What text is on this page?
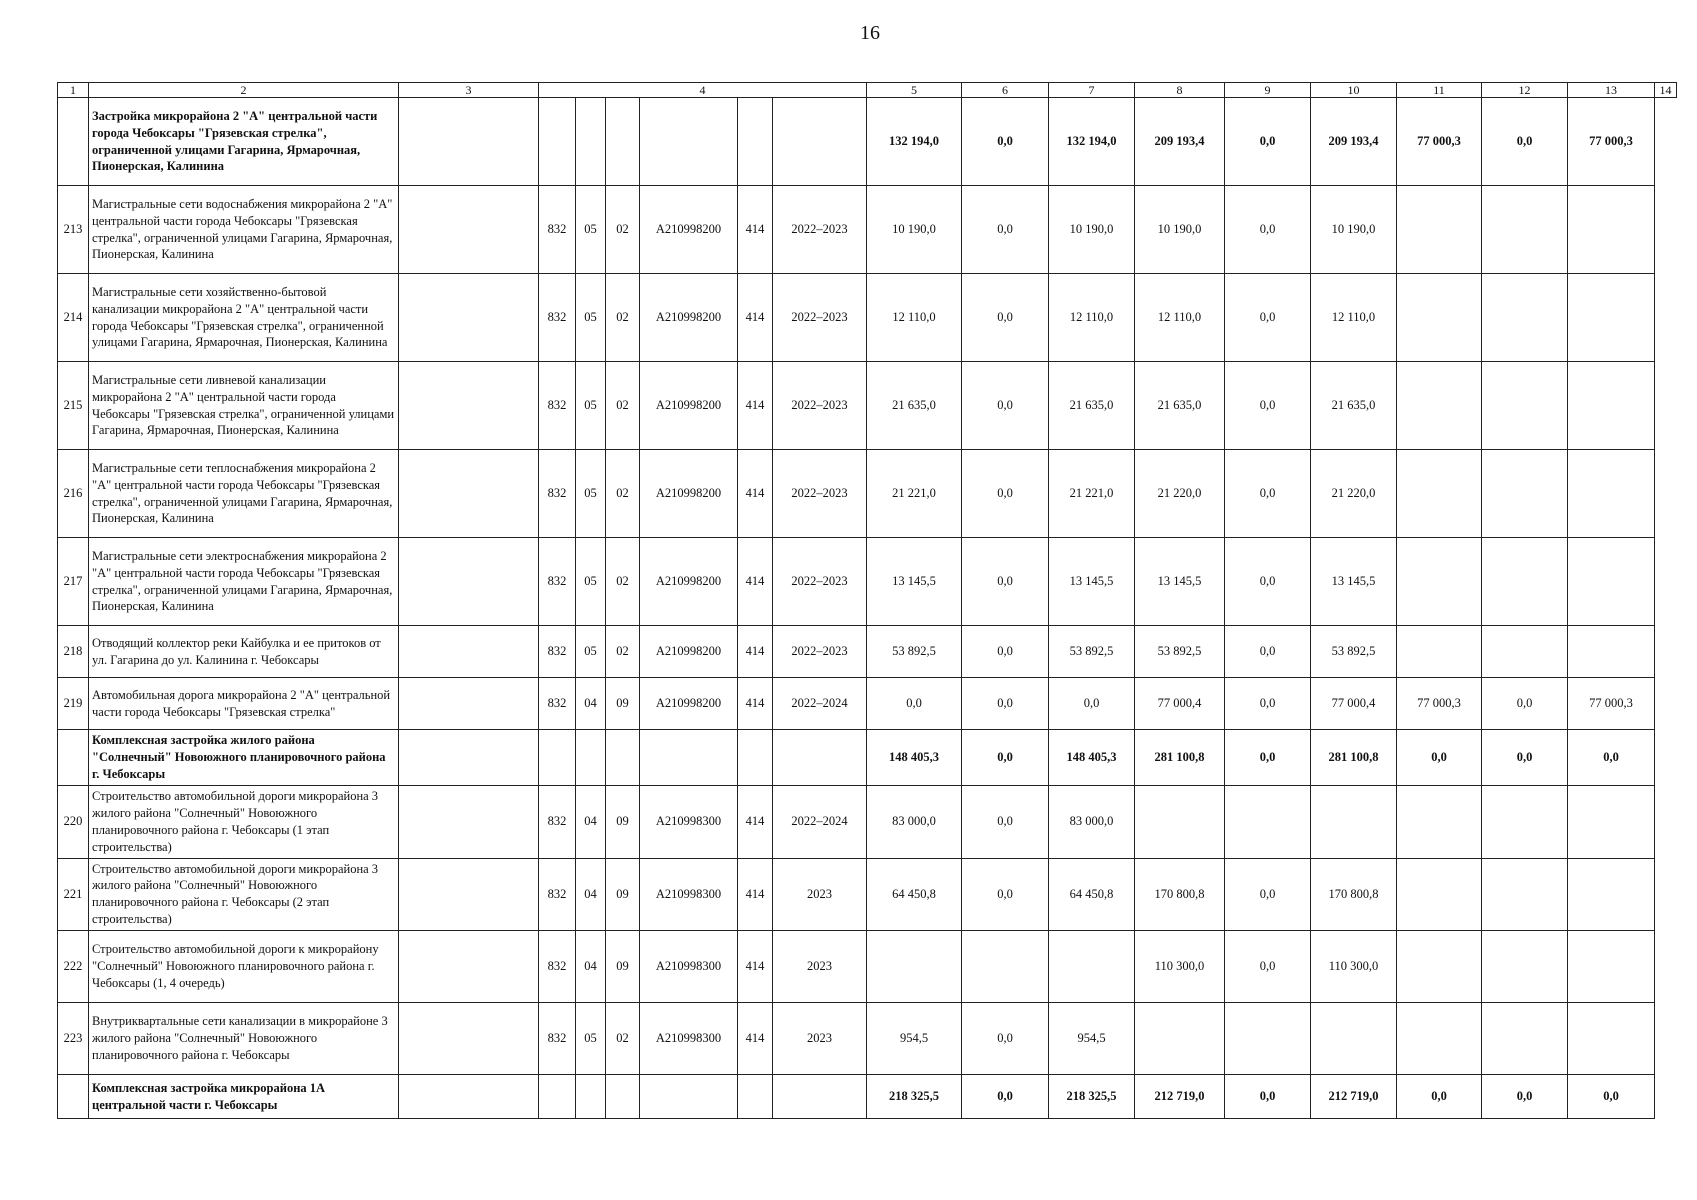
16
1	2	3	4						5	6	7	8	9	10	11	12	13	14
	Застройка микрорайона 2 "А" центральной части города Чебоксары "Грязевская стрелка", ограниченной улицами Гагарина, Ярмарочная, Пионерская, Калинина								132 194,0	0,0	132 194,0	209 193,4	0,0	209 193,4	77 000,3	0,0	77 000,3	
213	Магистральные сети водоснабжения микрорайона 2 "А" центральной части города Чебоксары "Грязевская стрелка", ограниченной улицами Гагарина, Ярмарочная, Пионерская, Калинина		832	05	02	А210998200	414	2022–2023	10 190,0	0,0	10 190,0	10 190,0	0,0	10 190,0				
214	Магистральные сети хозяйственно-бытовой канализации микрорайона 2 "А" центральной части города Чебоксары "Грязевская стрелка", ограниченной улицами Гагарина, Ярмарочная, Пионерская, Калинина		832	05	02	А210998200	414	2022–2023	12 110,0	0,0	12 110,0	12 110,0	0,0	12 110,0				
215	Магистральные сети ливневой канализации микрорайона 2 "А" центральной части города Чебоксары "Грязевская стрелка", ограниченной улицами Гагарина, Ярмарочная, Пионерская, Калинина		832	05	02	А210998200	414	2022–2023	21 635,0	0,0	21 635,0	21 635,0	0,0	21 635,0				
216	Магистральные сети теплоснабжения микрорайона 2 "А" центральной части города Чебоксары "Грязевская стрелка", ограниченной улицами Гагарина, Ярмарочная, Пионерская, Калинина		832	05	02	А210998200	414	2022–2023	21 221,0	0,0	21 221,0	21 220,0	0,0	21 220,0				
217	Магистральные сети электроснабжения микрорайона 2 "А" центральной части города Чебоксары "Грязевская стрелка", ограниченной улицами Гагарина, Ярмарочная, Пионерская, Калинина		832	05	02	А210998200	414	2022–2023	13 145,5	0,0	13 145,5	13 145,5	0,0	13 145,5				
218	Отводящий коллектор реки Кайбулка и ее притоков от ул. Гагарина до ул. Калинина г. Чебоксары		832	05	02	А210998200	414	2022–2023	53 892,5	0,0	53 892,5	53 892,5	0,0	53 892,5				
219	Автомобильная дорога микрорайона 2 "А" центральной части города Чебоксары "Грязевская стрелка"		832	04	09	А210998200	414	2022–2024	0,0	0,0	0,0	77 000,4	0,0	77 000,4	77 000,3	0,0	77 000,3	
	Комплексная застройка жилого района "Солнечный" Новоюжного планировочного района г. Чебоксары								148 405,3	0,0	148 405,3	281 100,8	0,0	281 100,8	0,0	0,0	0,0	
220	Строительство автомобильной дороги микрорайона 3 жилого района "Солнечный" Новоюжного планировочного района г. Чебоксары (1 этап строительства)		832	04	09	А210998300	414	2022–2024	83 000,0	0,0	83 000,0							
221	Строительство автомобильной дороги микрорайона 3 жилого района "Солнечный" Новоюжного планировочного района г. Чебоксары (2 этап строительства)		832	04	09	А210998300	414	2023	64 450,8	0,0	64 450,8	170 800,8	0,0	170 800,8				
222	Строительство автомобильной дороги к микрорайону "Солнечный" Новоюжного планировочного района г. Чебоксары (1, 4 очередь)		832	04	09	А210998300	414	2023				110 300,0	0,0	110 300,0				
223	Внутриквартальные сети канализации в микрорайоне 3 жилого района "Солнечный" Новоюжного планировочного района г. Чебоксары		832	05	02	А210998300	414	2023	954,5	0,0	954,5							
	Комплексная застройка микрорайона 1А центральной части г. Чебоксары								218 325,5	0,0	218 325,5	212 719,0	0,0	212 719,0	0,0	0,0	0,0	
